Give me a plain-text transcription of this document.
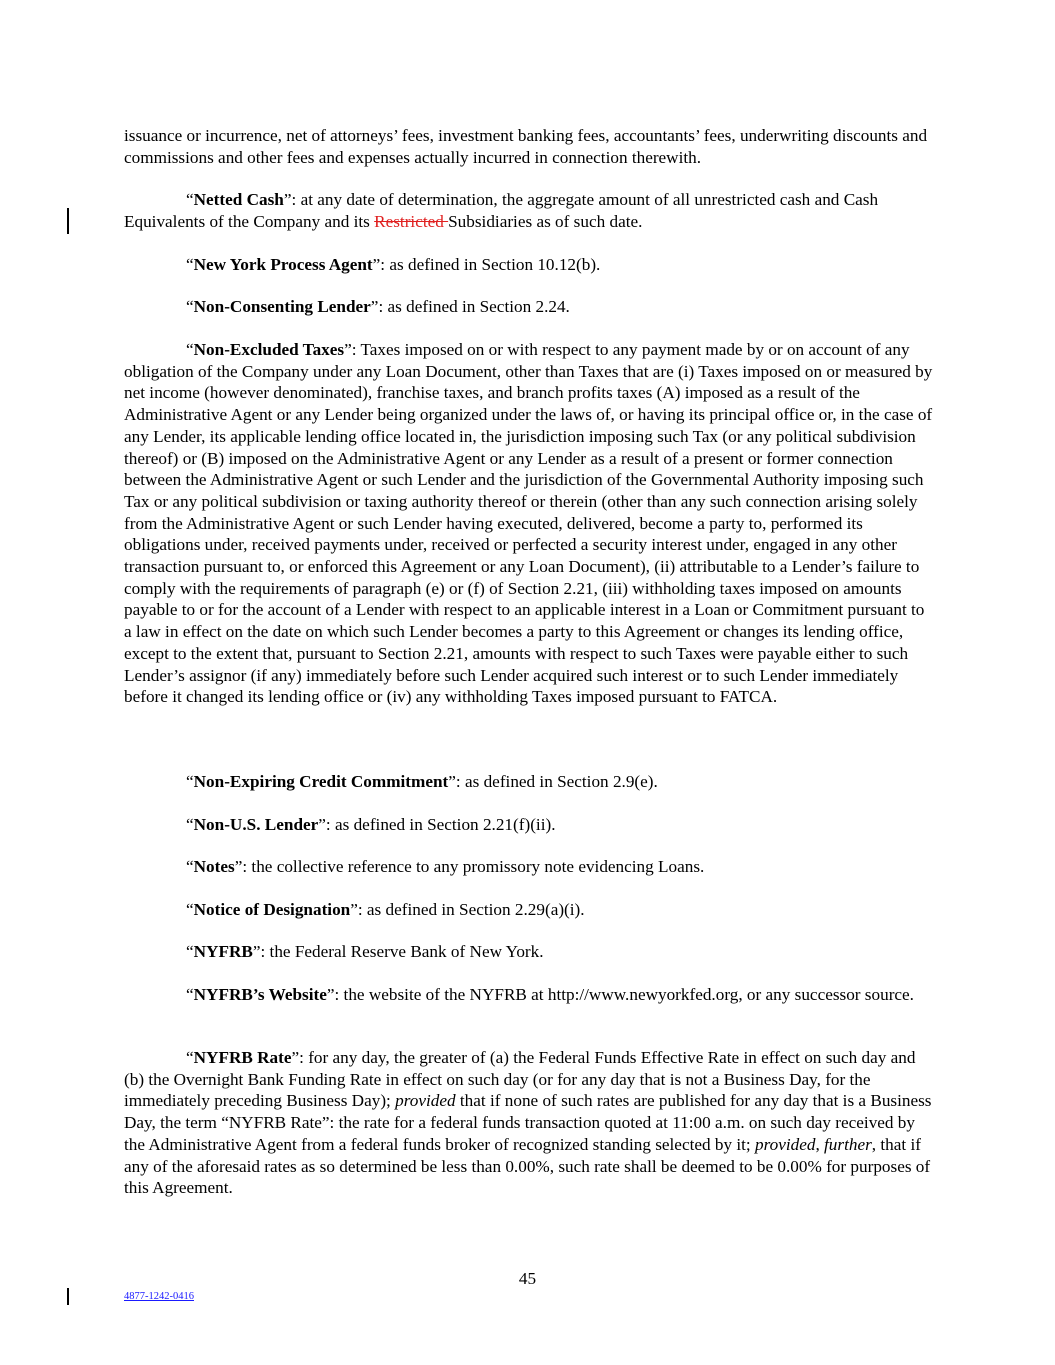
issuance or incurrence, net of attorneys’ fees, investment banking fees, accountants’ fees, underwriting discounts and commissions and other fees and expenses actually incurred in connection therewith.

“Netted Cash”: at any date of determination, the aggregate amount of all unrestricted cash and Cash Equivalents of the Company and its Restricted Subsidiaries as of such date.

“New York Process Agent”: as defined in Section 10.12(b).

“Non-Consenting Lender”: as defined in Section 2.24.

“Non-Excluded Taxes”: Taxes imposed on or with respect to any payment made by or on account of any obligation of the Company under any Loan Document, other than Taxes that are (i) Taxes imposed on or measured by net income (however denominated), franchise taxes, and branch profits taxes (A) imposed as a result of the Administrative Agent or any Lender being organized under the laws of, or having its principal office or, in the case of any Lender, its applicable lending office located in, the jurisdiction imposing such Tax (or any political subdivision thereof) or (B) imposed on the Administrative Agent or any Lender as a result of a present or former connection between the Administrative Agent or such Lender and the jurisdiction of the Governmental Authority imposing such Tax or any political subdivision or taxing authority thereof or therein (other than any such connection arising solely from the Administrative Agent or such Lender having executed, delivered, become a party to, performed its obligations under, received payments under, received or perfected a security interest under, engaged in any other transaction pursuant to, or enforced this Agreement or any Loan Document), (ii) attributable to a Lender’s failure to comply with the requirements of paragraph (e) or (f) of Section 2.21, (iii) withholding taxes imposed on amounts payable to or for the account of a Lender with respect to an applicable interest in a Loan or Commitment pursuant to a law in effect on the date on which such Lender becomes a party to this Agreement or changes its lending office, except to the extent that, pursuant to Section 2.21, amounts with respect to such Taxes were payable either to such Lender’s assignor (if any) immediately before such Lender acquired such interest or to such Lender immediately before it changed its lending office or (iv) any withholding Taxes imposed pursuant to FATCA.

“Non-Expiring Credit Commitment”: as defined in Section 2.9(e).

“Non-U.S. Lender”: as defined in Section 2.21(f)(ii).

“Notes”: the collective reference to any promissory note evidencing Loans.

“Notice of Designation”: as defined in Section 2.29(a)(i).

“NYFRB”: the Federal Reserve Bank of New York.

“NYFRB’s Website”: the website of the NYFRB at http://www.newyorkfed.org, or any successor source.

“NYFRB Rate”: for any day, the greater of (a) the Federal Funds Effective Rate in effect on such day and (b) the Overnight Bank Funding Rate in effect on such day (or for any day that is not a Business Day, for the immediately preceding Business Day); provided that if none of such rates are published for any day that is a Business Day, the term “NYFRB Rate”: the rate for a federal funds transaction quoted at 11:00 a.m. on such day received by the Administrative Agent from a federal funds broker of recognized standing selected by it; provided, further, that if any of the aforesaid rates as so determined be less than 0.00%, such rate shall be deemed to be 0.00% for purposes of this Agreement.

45
4877-1242-0416
